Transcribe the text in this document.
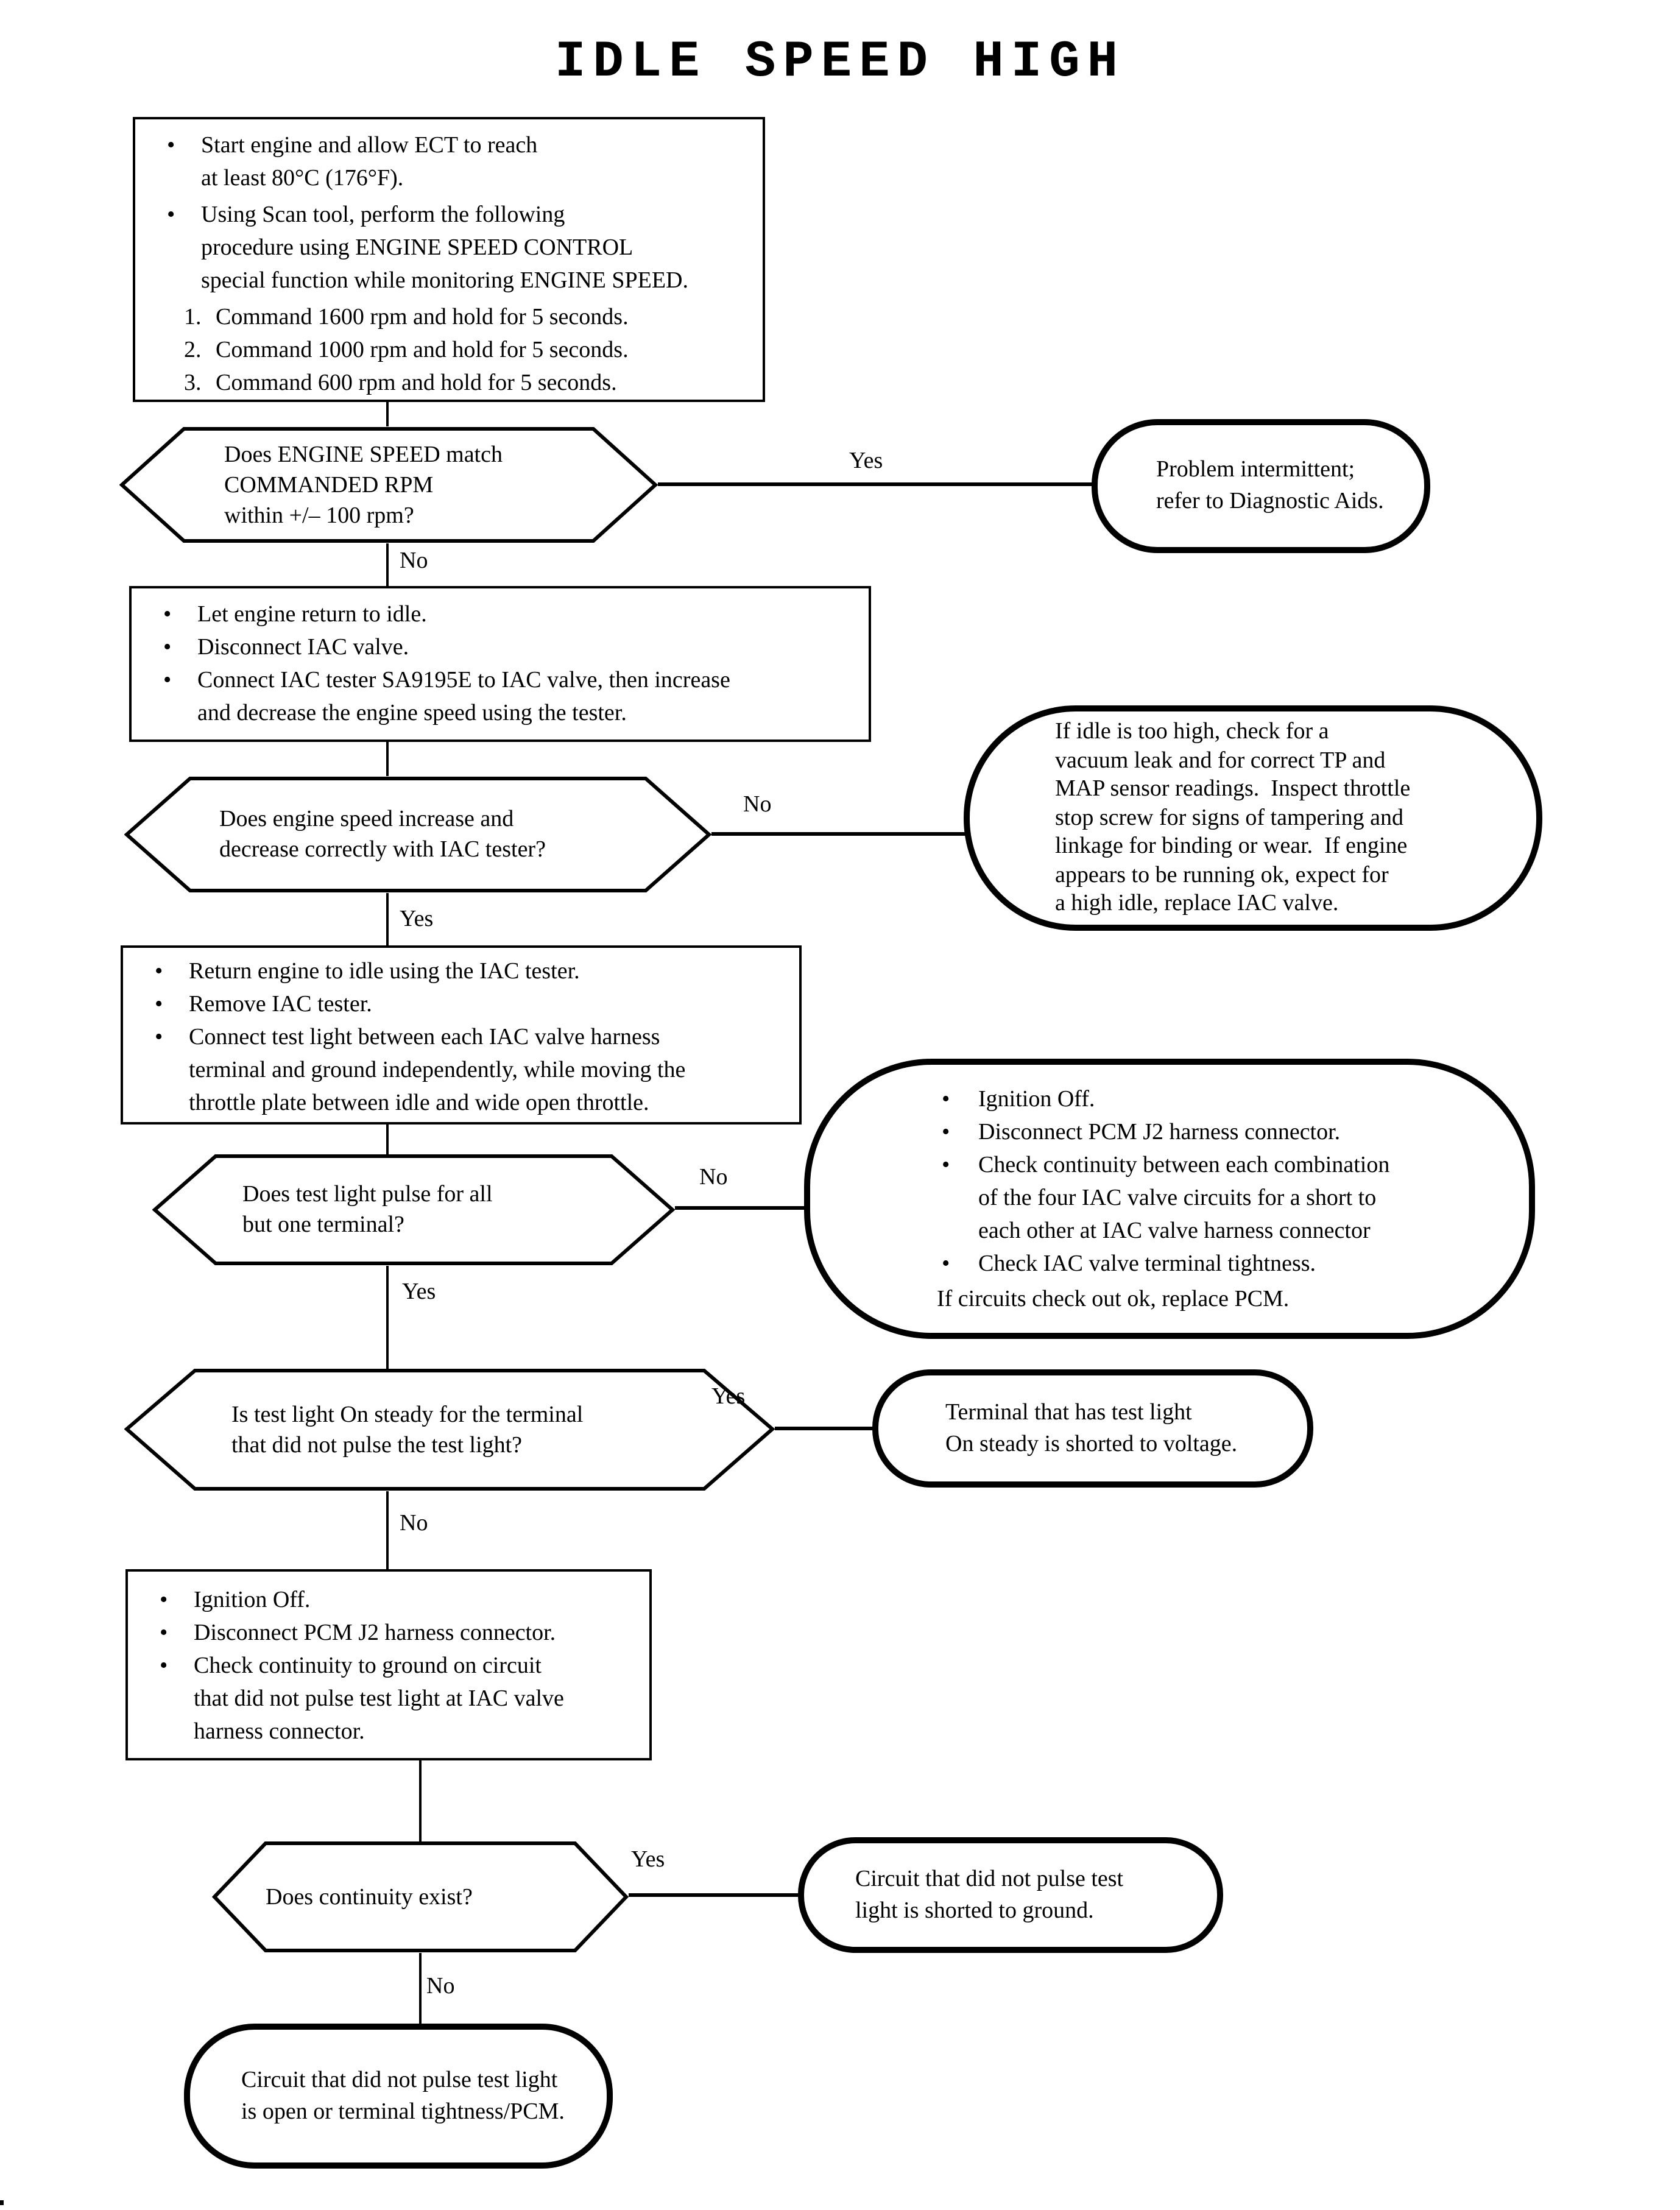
IDLE SPEED HIGH
•	Start engine and allow ECT to reach
at least 80°C (176°F).
•	Using Scan tool, perform the following
procedure using ENGINE SPEED CONTROL
special function while monitoring ENGINE SPEED.
1.	Command 1600 rpm and hold for 5 seconds.
2.	Command 1000 rpm and hold for 5 seconds.
3.	Command 600 rpm and hold for 5 seconds.
Does ENGINE SPEED match
COMMANDED RPM
within +/– 100 rpm?
Yes
No
Problem intermittent;
refer to Diagnostic Aids.
•	Let engine return to idle.
•	Disconnect IAC valve.
•	Connect IAC tester SA9195E to IAC valve, then increase
and decrease the engine speed using the tester.
Does engine speed increase and
decrease correctly with IAC tester?
No
Yes
If idle is too high, check for a
vacuum leak and for correct TP and
MAP sensor readings.  Inspect throttle
stop screw for signs of tampering and
linkage for binding or wear.  If engine
appears to be running ok, expect for
a high idle, replace IAC valve.
•	Return engine to idle using the IAC tester.
•	Remove IAC tester.
•	Connect test light between each IAC valve harness
terminal and ground independently, while moving the
throttle plate between idle and wide open throttle.
Does test light pulse for all
but one terminal?
No
Yes
•	Ignition Off.
•	Disconnect PCM J2 harness connector.
•	Check continuity between each combination
of the four IAC valve circuits for a short to
each other at IAC valve harness connector
•	Check IAC valve terminal tightness.
If circuits check out ok, replace PCM.
Is test light On steady for the terminal
that did not pulse the test light?
Yes
No
Terminal that has test light
On steady is shorted to voltage.
•	Ignition Off.
•	Disconnect PCM J2 harness connector.
•	Check continuity to ground on circuit
that did not pulse test light at IAC valve
harness connector.
Does continuity exist?
Yes
No
Circuit that did not pulse test
light is shorted to ground.
Circuit that did not pulse test light
is open or terminal tightness/PCM.
